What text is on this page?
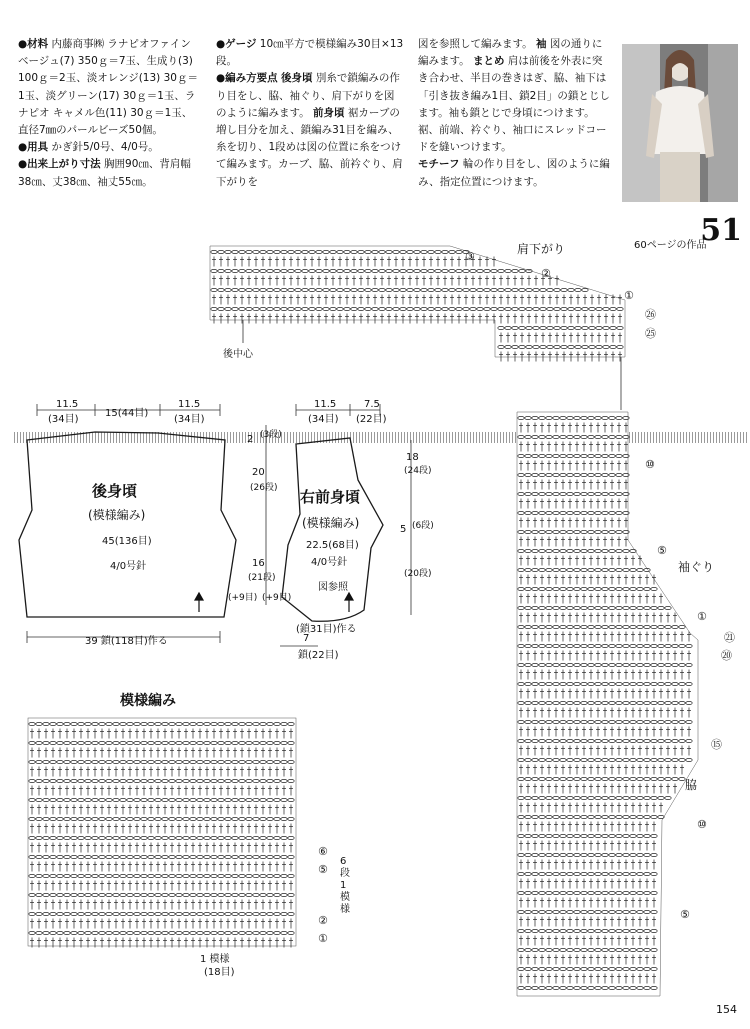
●材料 内藤商事㈱ ラナピオファイン ベージュ(7) 350ｇ＝7玉、生成り(3) 100ｇ＝2玉、淡オレンジ(13) 30ｇ＝1玉、淡グリーン(17) 30ｇ＝1玉、ラナピオ キャメル色(11) 30ｇ＝1玉、直径7㎜のパールビーズ50個。

●用具 かぎ針5/0号、4/0号。

●出来上がり寸法 胸囲90㎝、背肩幅38㎝、丈38㎝、袖丈55㎝。

●ゲージ 10㎝平方で模様編み30目×13段。

●編み方要点 後身頃 別糸で鎖編みの作り目をし、脇、袖ぐり、肩下がりを図のように編みます。 前身頃 裾カーブの増し目分を加え、鎖編み31目を編み、糸を切り、1段めは図の位置に糸をつけて編みます。カーブ、脇、前衿ぐり、肩下がりを

図を参照して編みます。 袖 図の通りに編みます。 まとめ 肩は前後を外表に突き合わせ、半目の巻きはぎ、脇、袖下は「引き抜き編み1目、鎖2目」の鎖とじします。袖も鎖とじで身頃につけます。裾、前端、衿ぐり、袖口にスレッドコードを縫いつけます。

モチーフ 輪の作り目をし、図のように編み、指定位置につけます。

60ページの作品
51
11.5
(34目)
15(44目)
11.5
(34目)
後身頃
(模様編み)
45(136目)
4/0号針
39 鎖(118目)作る
2 (3段)
20
(26段)
16
(21段)
(+9目) (+9目)
11.5
(34目)
7.5
(22目)
右前身頃
(模様編み)
22.5(68目)
4/0号針
図参照
(鎖31目)作る
7
鎖(22目)
18
(24段)
5 (6段)
(20段)
模様編み
1 模様
(18目)
6段1模様
⑥
⑤
②
①
肩下がり
後中心
③
②
①
㉖
㉕
袖ぐり
脇
⑩
⑤
①
㉑
⑳
⑮
⑩
⑤
154
